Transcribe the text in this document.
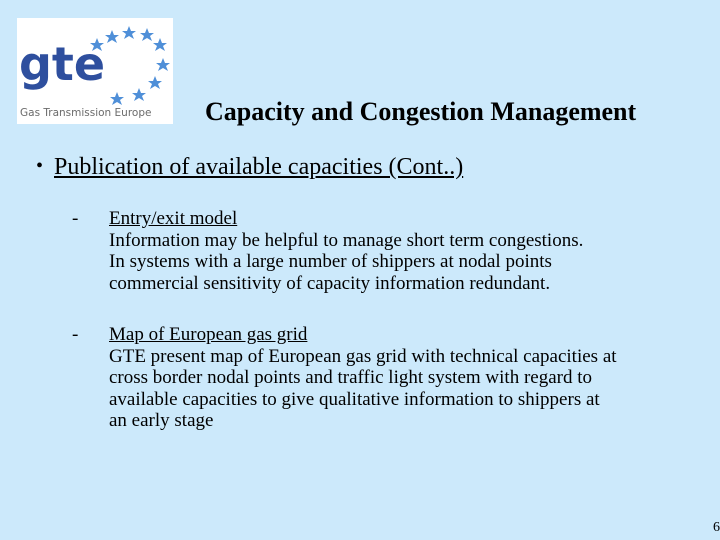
gte
Gas Transmission Europe Capacity and Congestion Management
• Publication of available capacities (Cont..)
-	Entry/exit model
Information may be helpful to manage short term congestions.
In systems with a large number of shippers at nodal points
commercial sensitivity of capacity information redundant.
-	Map of European gas grid
GTE present map of European gas grid with technical capacities at
cross border nodal points and traffic light system with regard to
available capacities to give qualitative information to shippers at
an early stage
6
